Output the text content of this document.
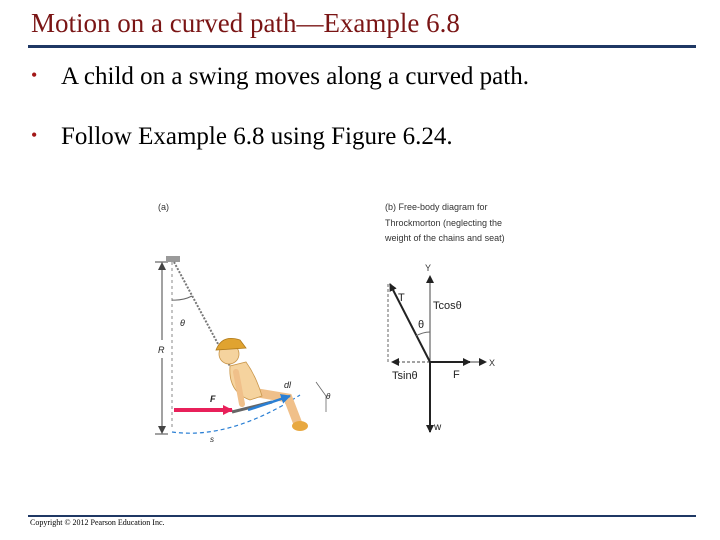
Motion on a curved path—Example 6.8
• A child on a swing moves along a curved path.
• Follow Example 6.8 using Figure 6.24.
(a)
R
θ
s
dl
F	θ
(b) Free-body diagram for
Throckmorton (neglecting the
weight of the chains and seat)
Y
X
T
Tcosθ
Tsinθ
θ
F
w
Copyright © 2012 Pearson Education Inc.
